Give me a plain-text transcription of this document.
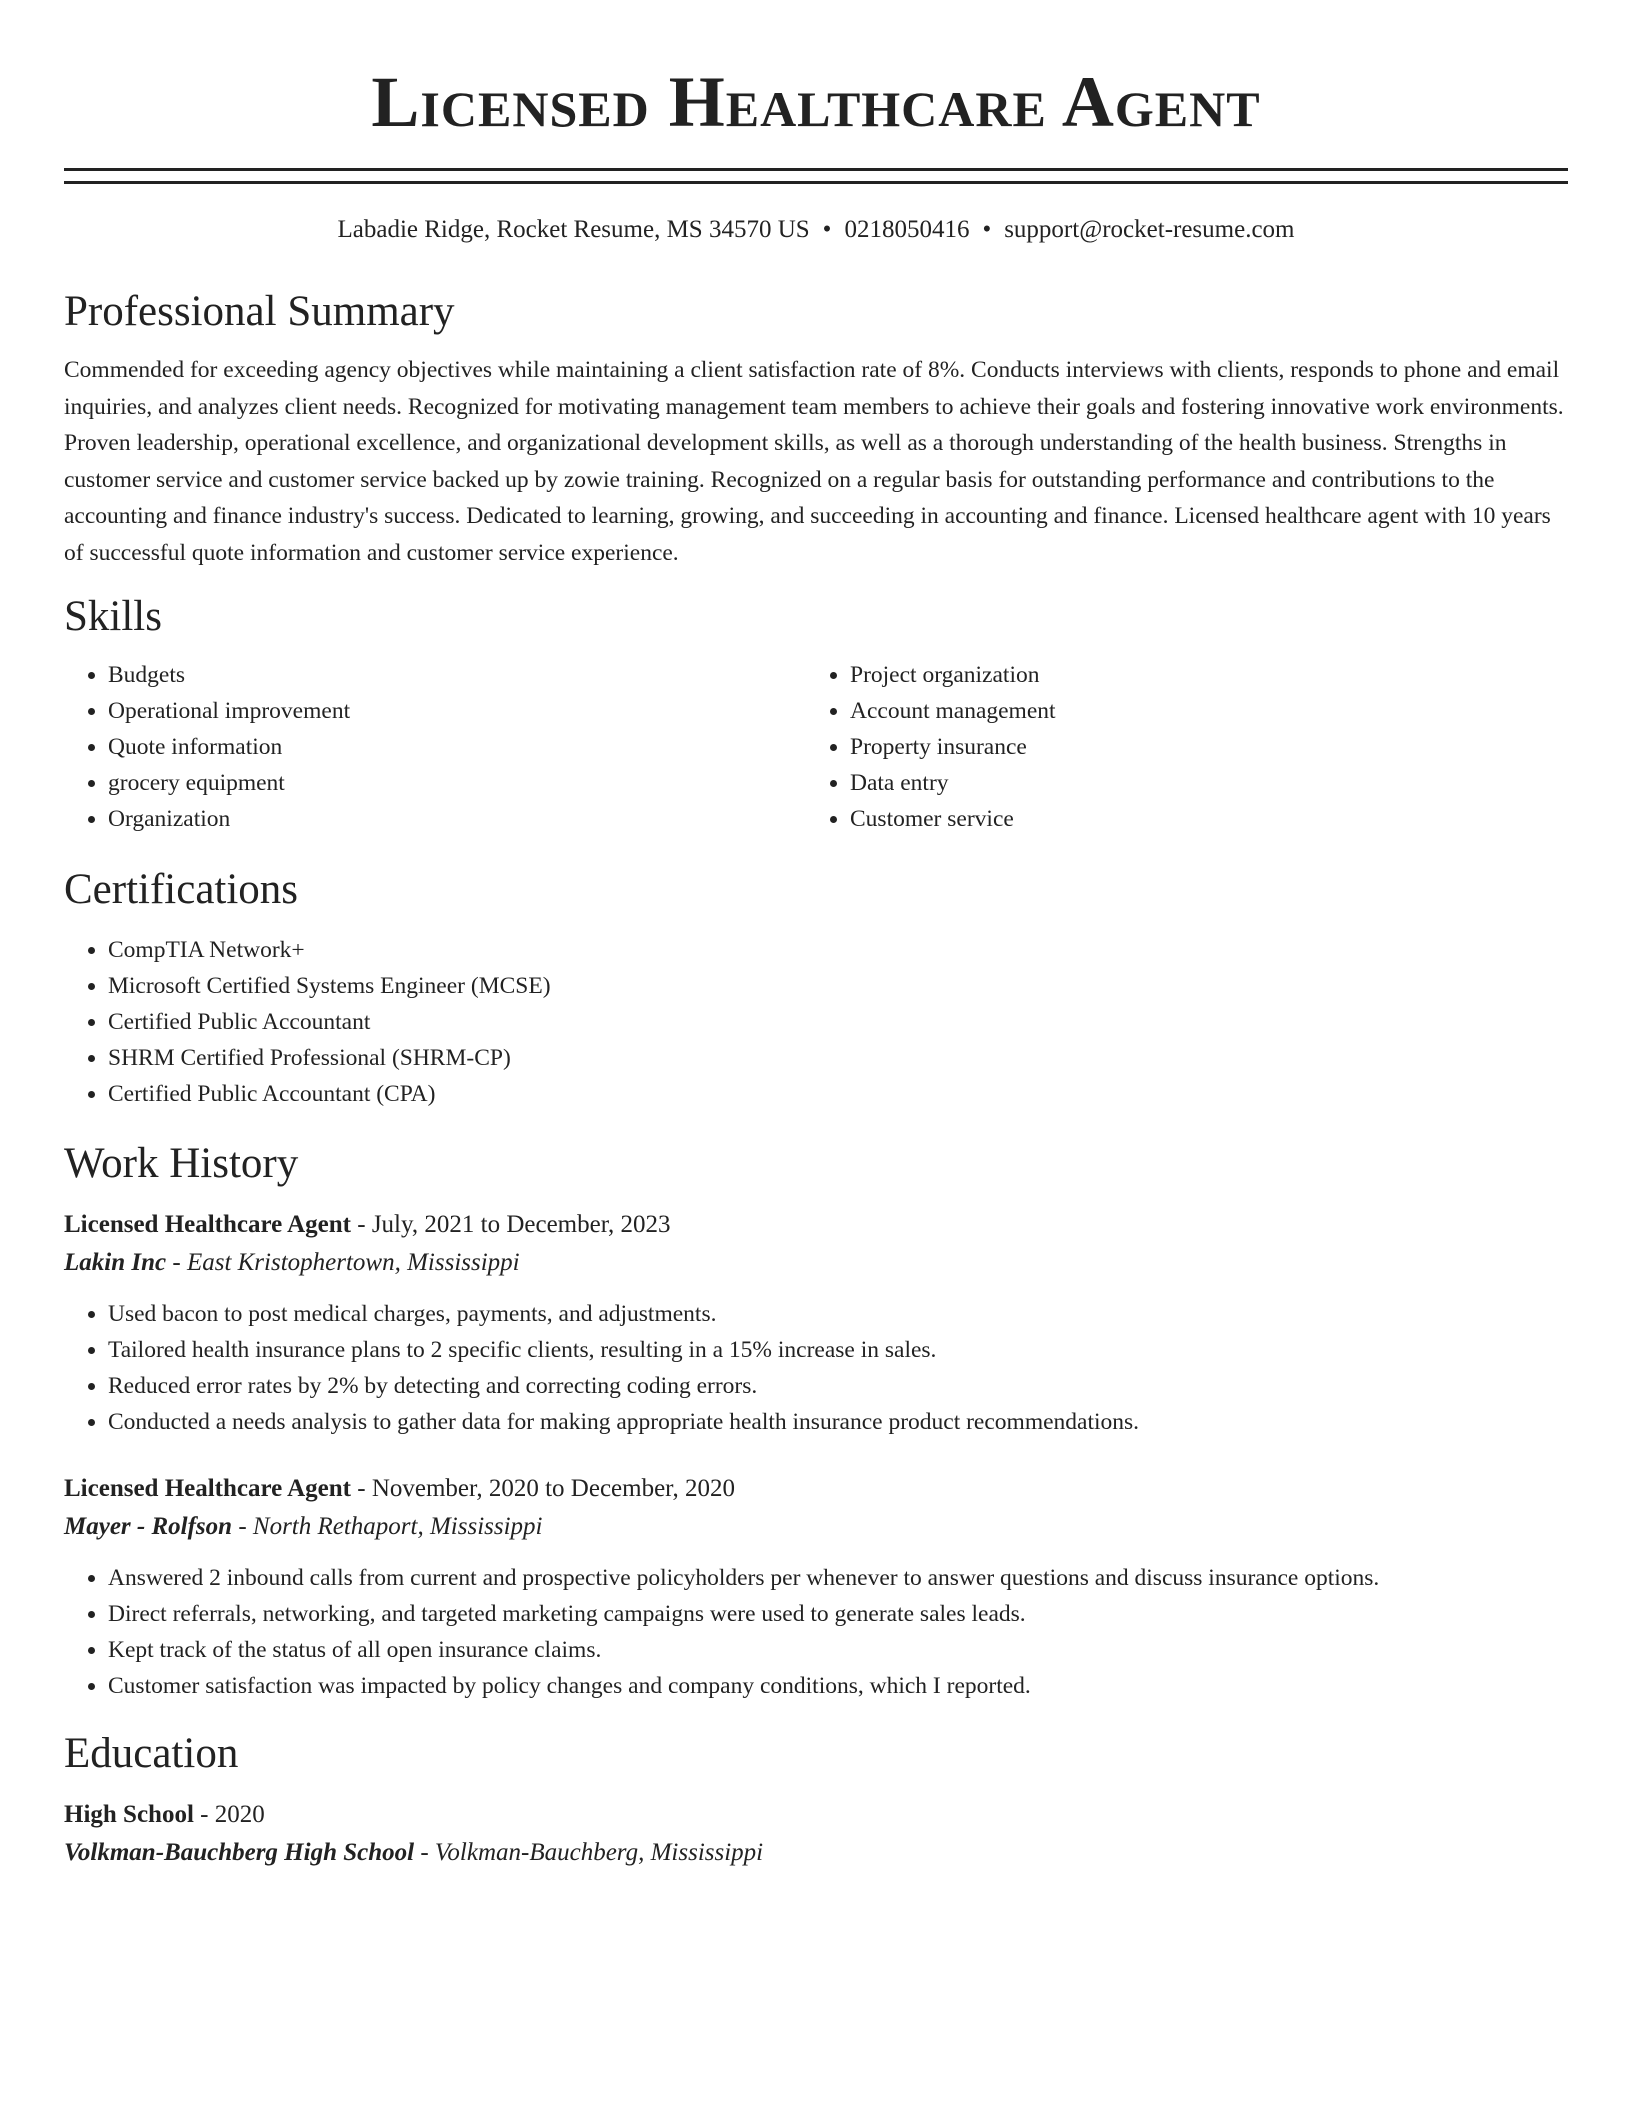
Licensed Healthcare Agent
Labadie Ridge, Rocket Resume, MS 34570 US • 0218050416 • support@rocket-resume.com
Professional Summary

Commended for exceeding agency objectives while maintaining a client satisfaction rate of 8%. Conducts interviews with clients, responds to phone and email inquiries, and analyzes client needs. Recognized for motivating management team members to achieve their goals and fostering innovative work environments. Proven leadership, operational excellence, and organizational development skills, as well as a thorough understanding of the health business. Strengths in customer service and customer service backed up by zowie training. Recognized on a regular basis for outstanding performance and contributions to the accounting and finance industry's success. Dedicated to learning, growing, and succeeding in accounting and finance. Licensed healthcare agent with 10 years of successful quote information and customer service experience.

Skills
• Budgets
• Operational improvement
• Quote information
• grocery equipment
• Organization
• Project organization
• Account management
• Property insurance
• Data entry
• Customer service
Certifications
• CompTIA Network+
• Microsoft Certified Systems Engineer (MCSE)
• Certified Public Accountant
• SHRM Certified Professional (SHRM-CP)
• Certified Public Accountant (CPA)
Work History
Licensed Healthcare Agent - July, 2021 to December, 2023
Lakin Inc - East Kristophertown, Mississippi
• Used bacon to post medical charges, payments, and adjustments.
• Tailored health insurance plans to 2 specific clients, resulting in a 15% increase in sales.
• Reduced error rates by 2% by detecting and correcting coding errors.
• Conducted a needs analysis to gather data for making appropriate health insurance product recommendations.
Licensed Healthcare Agent - November, 2020 to December, 2020
Mayer - Rolfson - North Rethaport, Mississippi
• Answered 2 inbound calls from current and prospective policyholders per whenever to answer questions and discuss insurance options.
• Direct referrals, networking, and targeted marketing campaigns were used to generate sales leads.
• Kept track of the status of all open insurance claims.
• Customer satisfaction was impacted by policy changes and company conditions, which I reported.
Education
High School - 2020
Volkman-Bauchberg High School - Volkman-Bauchberg, Mississippi
